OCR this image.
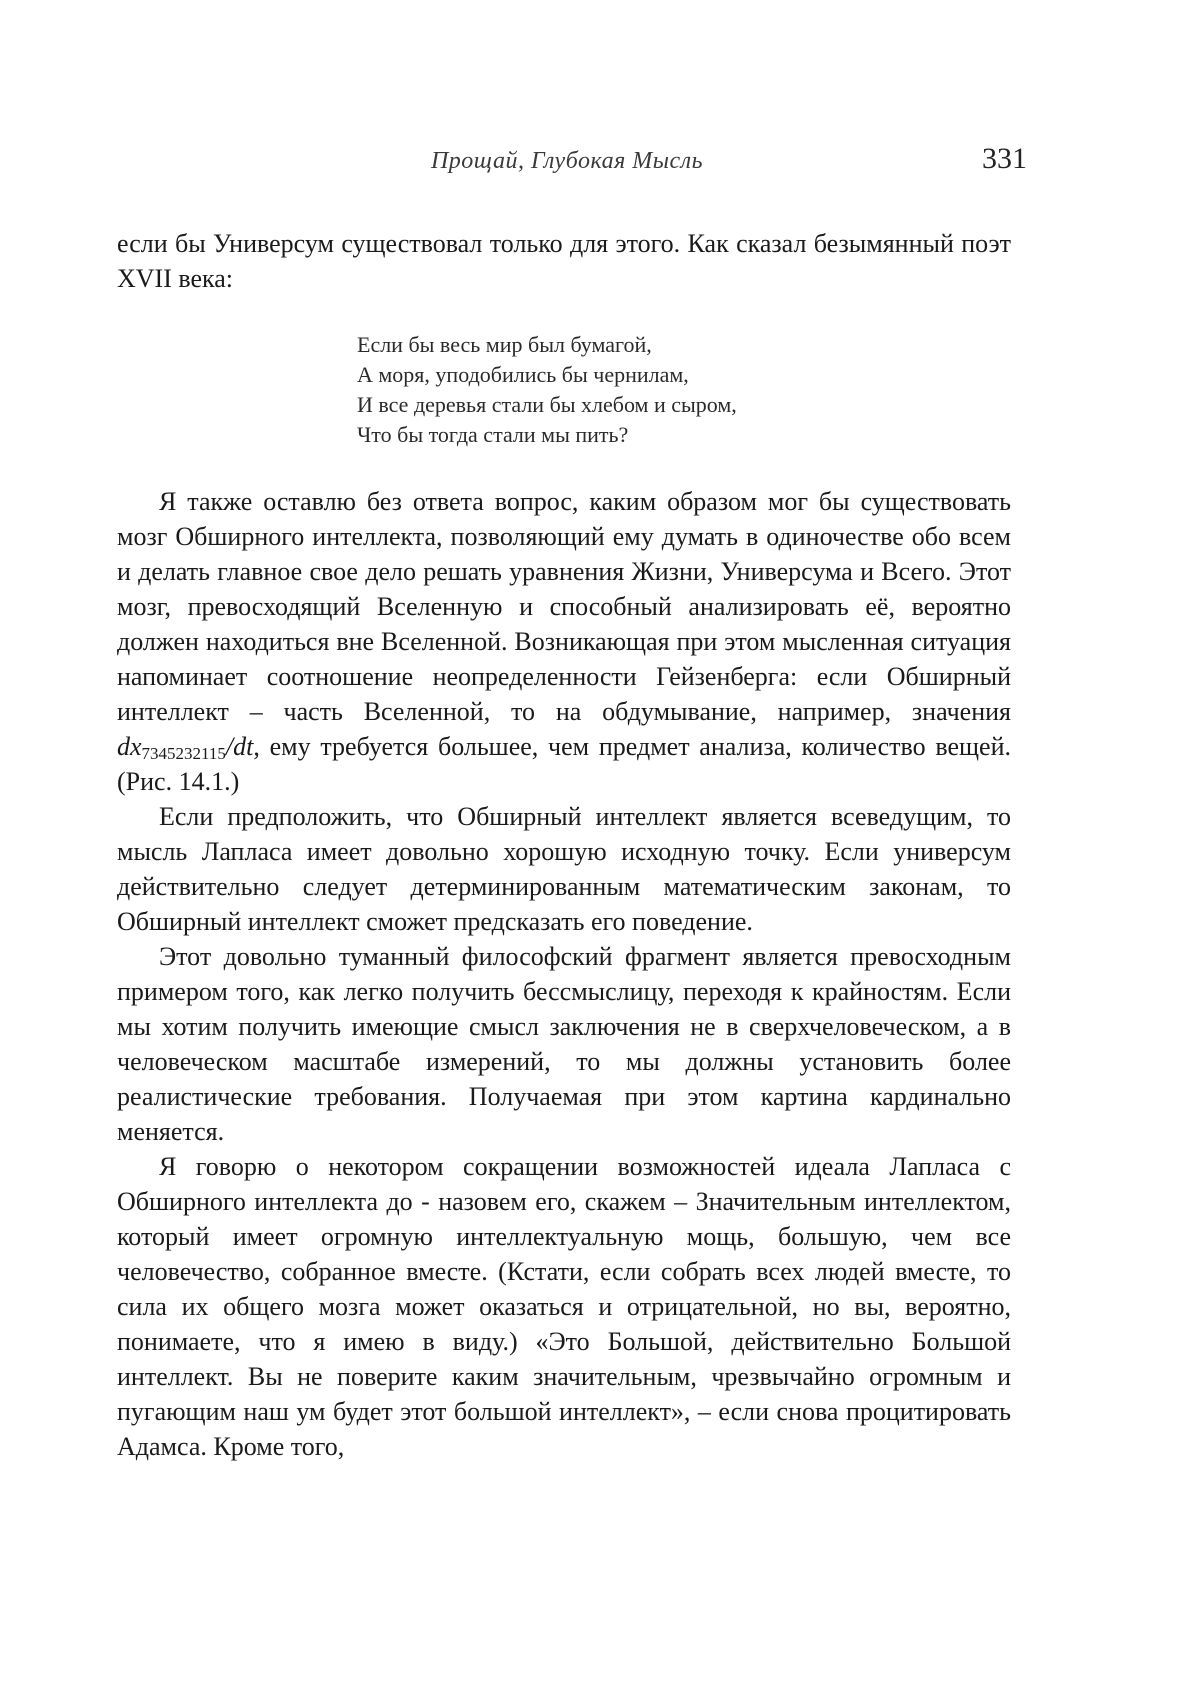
Прощай, Глубокая Мысль	331

если бы Универсум существовал только для этого. Как сказал безымянный поэт XVII века:

Если бы весь мир был бумагой,
А моря, уподобились бы чернилам,
И все деревья стали бы хлебом и сыром,
Что бы тогда стали мы пить?

Я также оставлю без ответа вопрос, каким образом мог бы существовать мозг Обширного интеллекта, позволяющий ему думать в одиночестве обо всем и делать главное свое дело решать уравнения Жизни, Универсума и Всего. Этот мозг, превосходящий Вселенную и способный анализировать её, вероятно должен находиться вне Вселенной. Возникающая при этом мысленная ситуация напоминает соотношение неопределенности Гейзенберга: если Обширный интеллект – часть Вселенной, то на обдумывание, например, значения $dx_{7345232115}/dt$, ему требуется большее, чем предмет анализа, количество вещей. (Рис. 14.1.)

Если предположить, что Обширный интеллект является всеведущим, то мысль Лапласа имеет довольно хорошую исходную точку. Если универсум действительно следует детерминированным математическим законам, то Обширный интеллект сможет предсказать его поведение.

Этот довольно туманный философский фрагмент является превосходным примером того, как легко получить бессмыслицу, переходя к крайностям. Если мы хотим получить имеющие смысл заключения не в сверхчеловеческом, а в человеческом масштабе измерений, то мы должны установить более реалистические требования. Получаемая при этом картина кардинально меняется.

Я говорю о некотором сокращении возможностей идеала Лапласа с Обширного интеллекта до - назовем его, скажем – Значительным интеллектом, который имеет огромную интеллектуальную мощь, большую, чем все человечество, собранное вместе. (Кстати, если собрать всех людей вместе, то сила их общего мозга может оказаться и отрицательной, но вы, вероятно, понимаете, что я имею в виду.) «Это Большой, действительно Большой интеллект. Вы не поверите каким значительным, чрезвычайно огромным и пугающим наш ум будет этот большой интеллект», – если снова процитировать Адамса. Кроме того,
